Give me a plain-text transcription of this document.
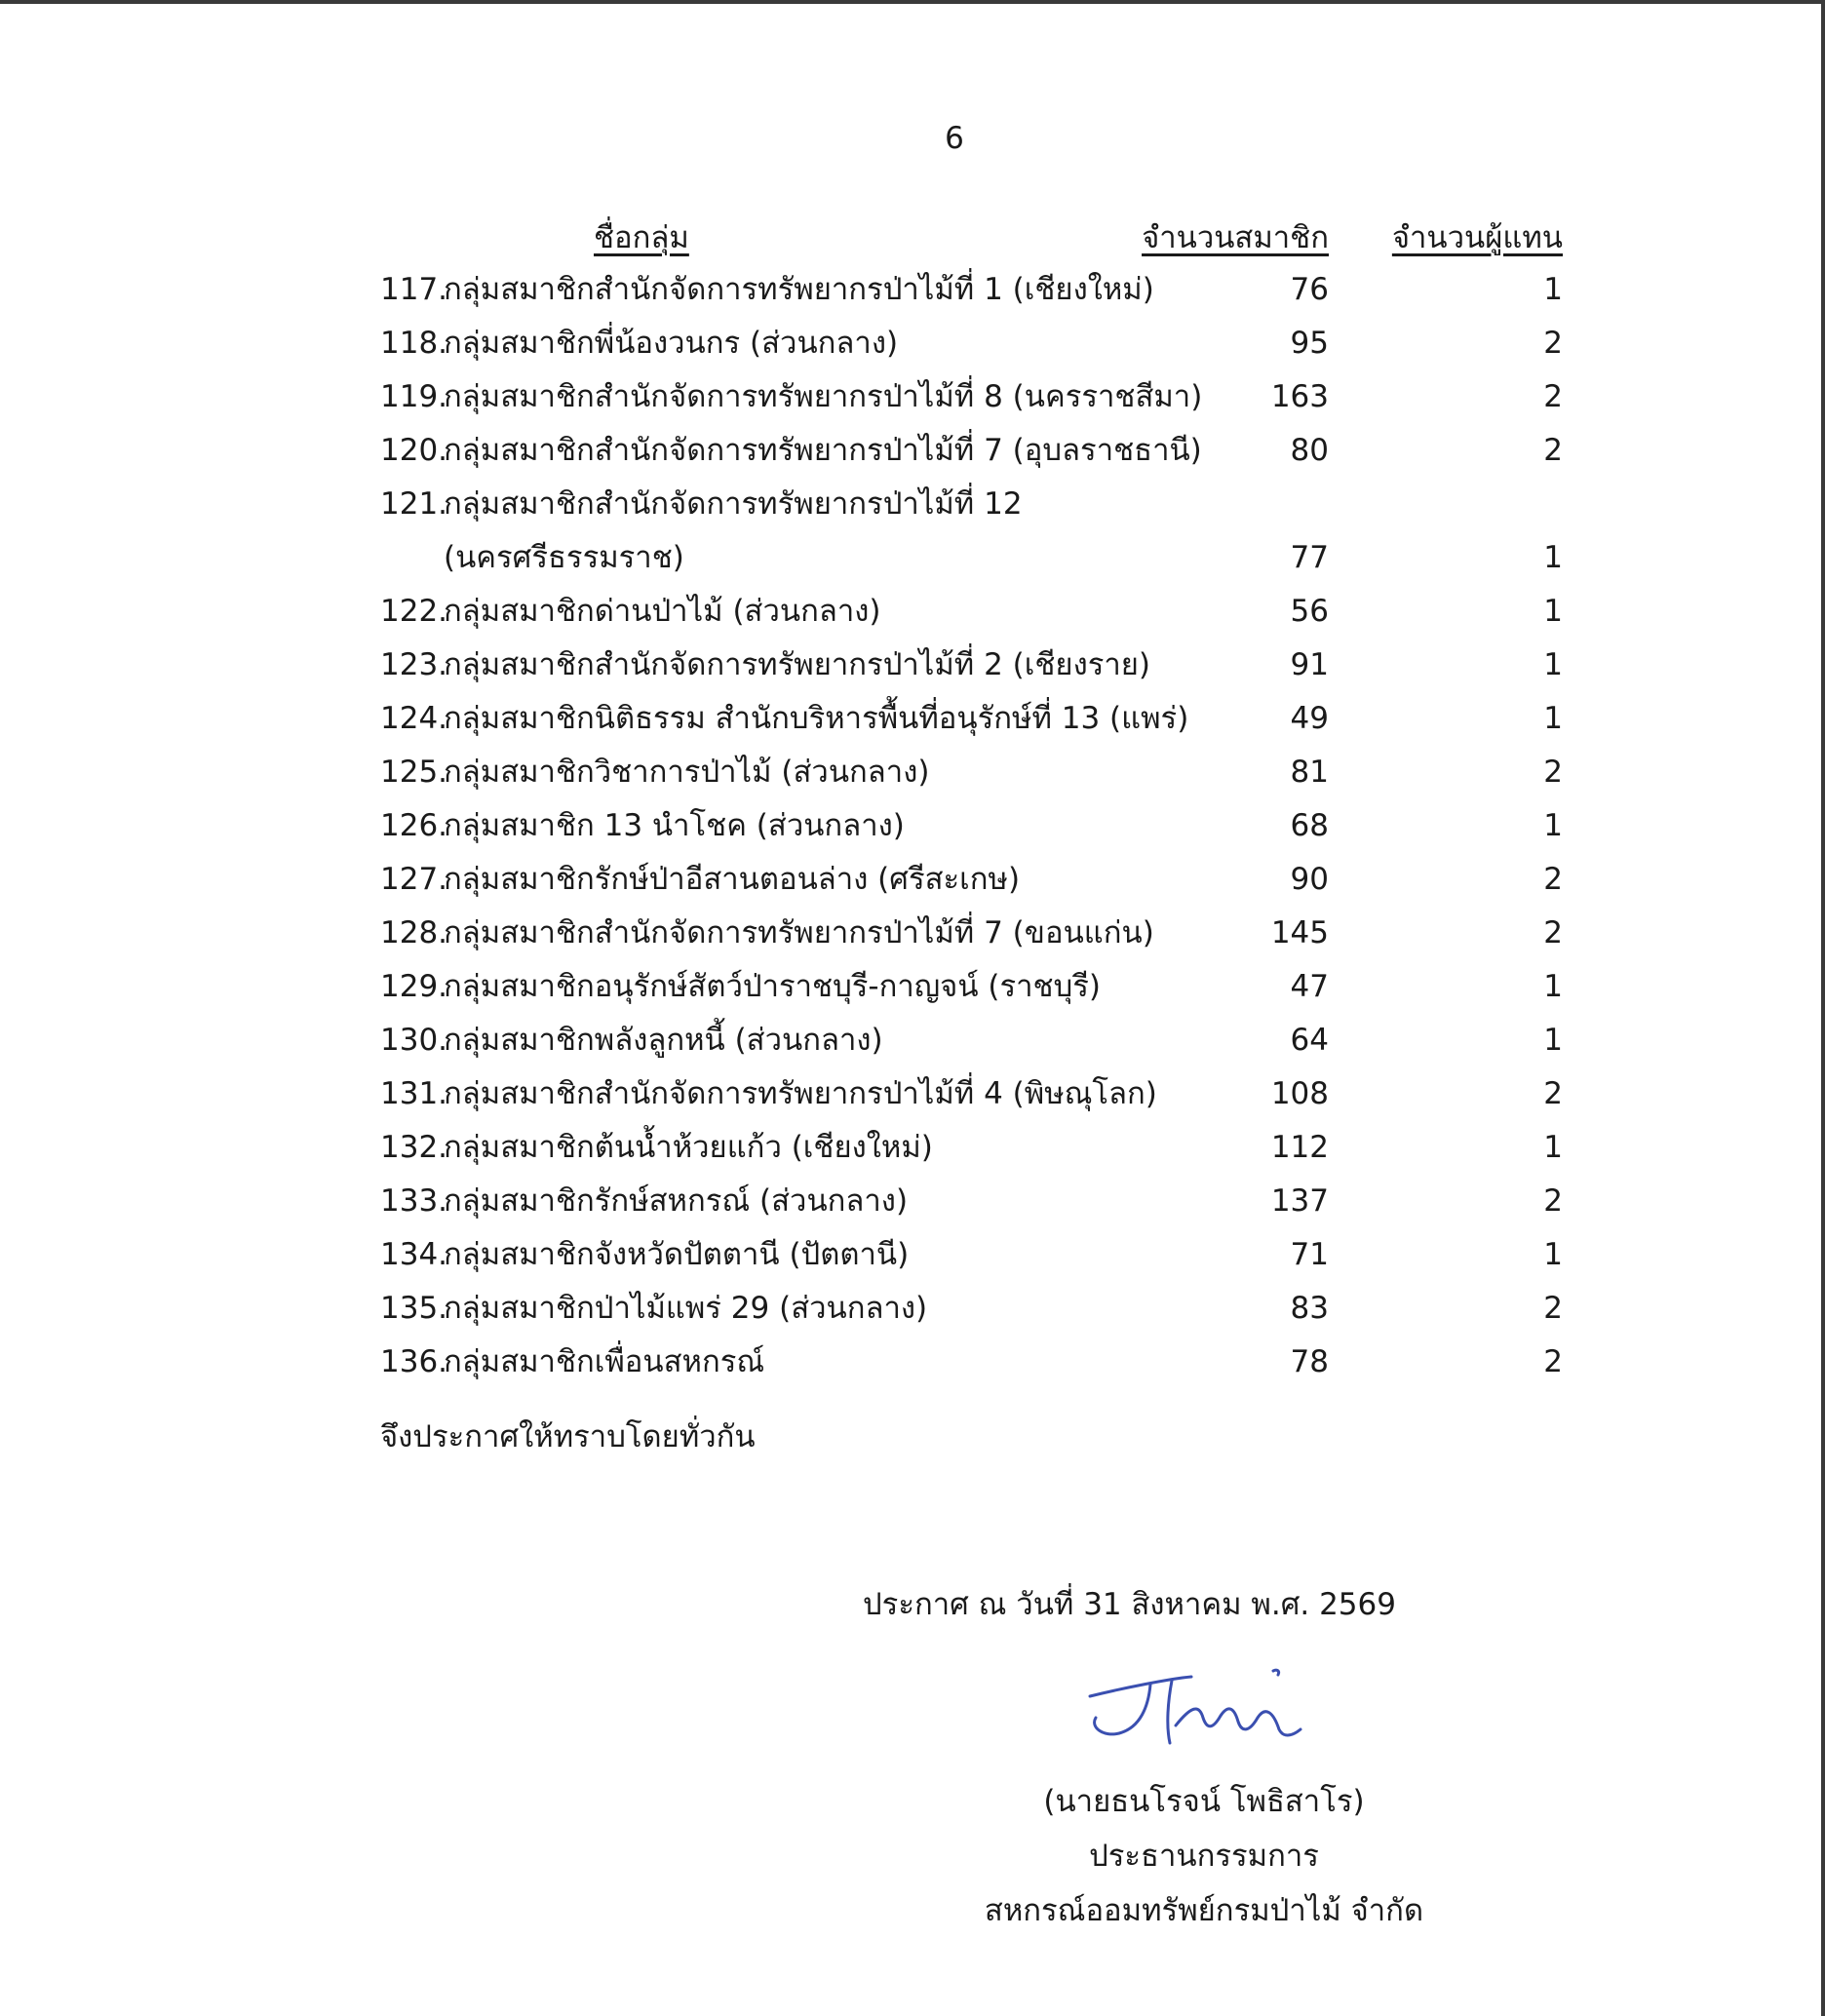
6
ชื่อกลุ่ม	จำนวนสมาชิก จำนวนผู้แทน
117.
กลุ่มสมาชิกสำนักจัดการทรัพยากรป่าไม้ที่ 1 (เชียงใหม่)	76	1
118.
กลุ่มสมาชิกพี่น้องวนกร (ส่วนกลาง)	95	2
119.
กลุ่มสมาชิกสำนักจัดการทรัพยากรป่าไม้ที่ 8 (นครราชสีมา) 163	2
120.
กลุ่มสมาชิกสำนักจัดการทรัพยากรป่าไม้ที่ 7 (อุบลราชธานี)	80	2
121.
กลุ่มสมาชิกสำนักจัดการทรัพยากรป่าไม้ที่ 12
(นครศรีธรรมราช)	77	1
122.
กลุ่มสมาชิกด่านป่าไม้ (ส่วนกลาง)	56	1
123.
กลุ่มสมาชิกสำนักจัดการทรัพยากรป่าไม้ที่ 2 (เชียงราย)	91	1
124.
กลุ่มสมาชิกนิติธรรม สำนักบริหารพื้นที่อนุรักษ์ที่ 13 (แพร่)	49	1
125.
กลุ่มสมาชิกวิชาการป่าไม้ (ส่วนกลาง)	81	2
126.
กลุ่มสมาชิก 13 นำโชค (ส่วนกลาง)	68	1
127.
กลุ่มสมาชิกรักษ์ป่าอีสานตอนล่าง (ศรีสะเกษ)	90	2
128.
กลุ่มสมาชิกสำนักจัดการทรัพยากรป่าไม้ที่ 7 (ขอนแก่น)	145	2
129.
กลุ่มสมาชิกอนุรักษ์สัตว์ป่าราชบุรี-กาญจน์ (ราชบุรี)	47	1
130.
กลุ่มสมาชิกพลังลูกหนี้ (ส่วนกลาง)	64	1
131.
กลุ่มสมาชิกสำนักจัดการทรัพยากรป่าไม้ที่ 4 (พิษณุโลก)	108	2
132.
กลุ่มสมาชิกต้นน้ำห้วยแก้ว (เชียงใหม่)	112	1
133.
กลุ่มสมาชิกรักษ์สหกรณ์ (ส่วนกลาง)	137	2
134.
กลุ่มสมาชิกจังหวัดปัตตานี (ปัตตานี)	71	1
135.
กลุ่มสมาชิกป่าไม้แพร่ 29 (ส่วนกลาง)	83	2
136.
กลุ่มสมาชิกเพื่อนสหกรณ์	78	2
จึงประกาศให้ทราบโดยทั่วกัน
ประกาศ ณ วันที่ 31 สิงหาคม พ.ศ. 2569
(นายธนโรจน์ โพธิสาโร)
ประธานกรรมการ
สหกรณ์ออมทรัพย์กรมป่าไม้ จำกัด
